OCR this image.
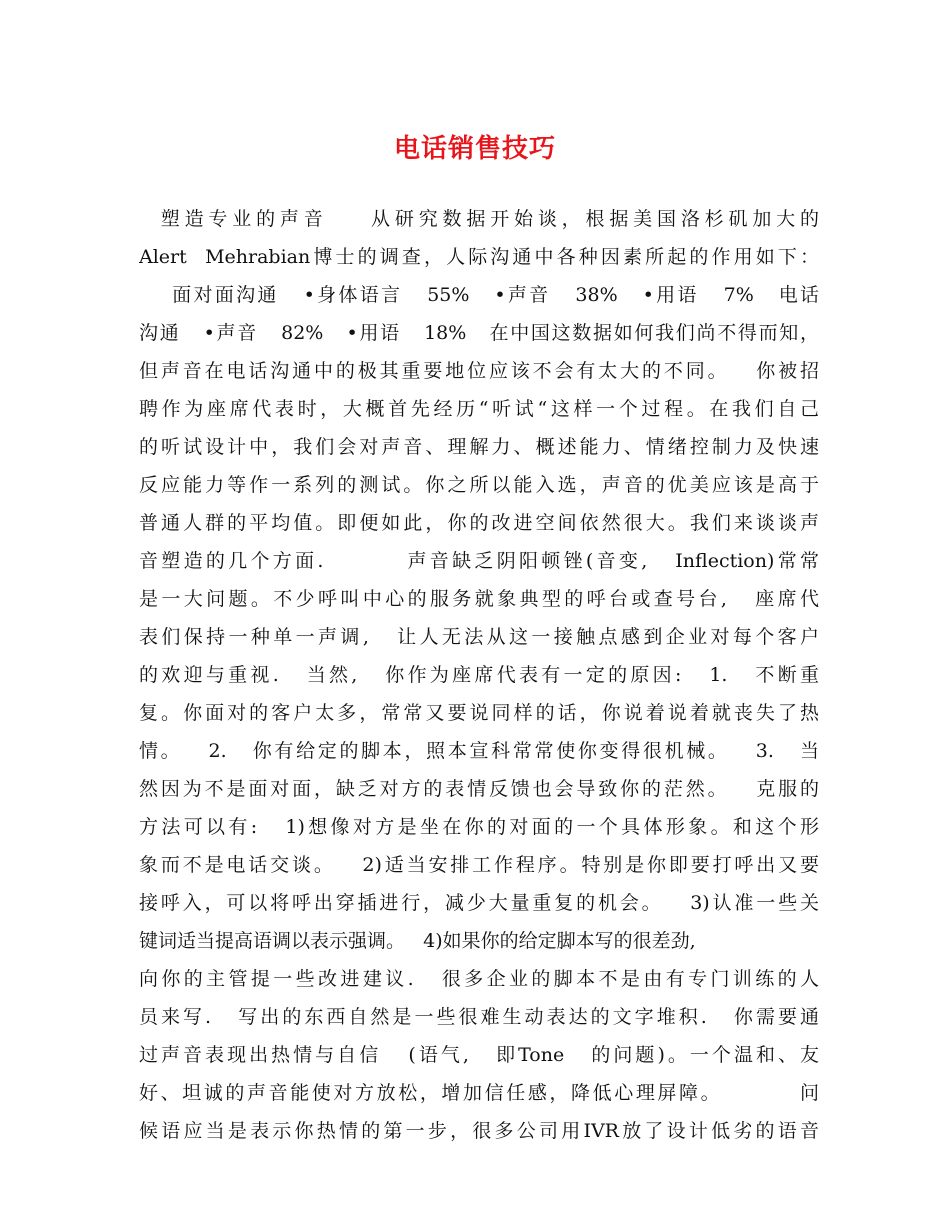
电话销售技巧
塑造专业的声音    从研究数据开始谈，根据美国洛杉矶加大的
Alert  Mehrabian博士的调查，人际沟通中各种因素所起的作用如下：
面对面沟通   •身体语言   55%   •声音   38%   •用语   7%   电话
沟通   •声音   82%   •用语   18%   在中国这数据如何我们尚不得而知，
但声音在电话沟通中的极其重要地位应该不会有太大的不同。   你被招
聘作为座席代表时，大概首先经历“听试“这样一个过程。在我们自己
的听试设计中，我们会对声音、理解力、概述能力、情绪控制力及快速
反应能力等作一系列的测试。你之所以能入选，声音的优美应该是高于
普通人群的平均值。即便如此，你的改进空间依然很大。我们来谈谈声
音塑造的几个方面.         声音缺乏阴阳顿锉(音变,   Inflection)常常
是一大问题。不少呼叫中心的服务就象典型的呼台或查号台,   座席代
表们保持一种单一声调,   让人无法从这一接触点感到企业对每个客户
的欢迎与重视.   当然,   你作为座席代表有一定的原因:   1.   不断重
复。你面对的客户太多，常常又要说同样的话，你说着说着就丧失了热
情。   2.   你有给定的脚本，照本宣科常常使你变得很机械。   3.   当
然因为不是面对面，缺乏对方的表情反馈也会导致你的茫然。   克服的
方法可以有:   1)想像对方是坐在你的对面的一个具体形象。和这个形
象而不是电话交谈。   2)适当安排工作程序。特别是你即要打呼出又要
接呼入，可以将呼出穿插进行，减少大量重复的机会。   3)认准一些关
键词适当提高语调以表示强调。   4)如果你的给定脚本写的很差劲,
向你的主管提一些改进建议.   很多企业的脚本不是由有专门训练的人
员来写.   写出的东西自然是一些很难生动表达的文字堆积.   你需要通
过声音表现出热情与自信   (语气,   即Tone   的问题)。一个温和、友
好、坦诚的声音能使对方放松，增加信任感，降低心理屏障。         问
候语应当是表示你热情的第一步，很多公司用IVR放了设计低劣的语音
